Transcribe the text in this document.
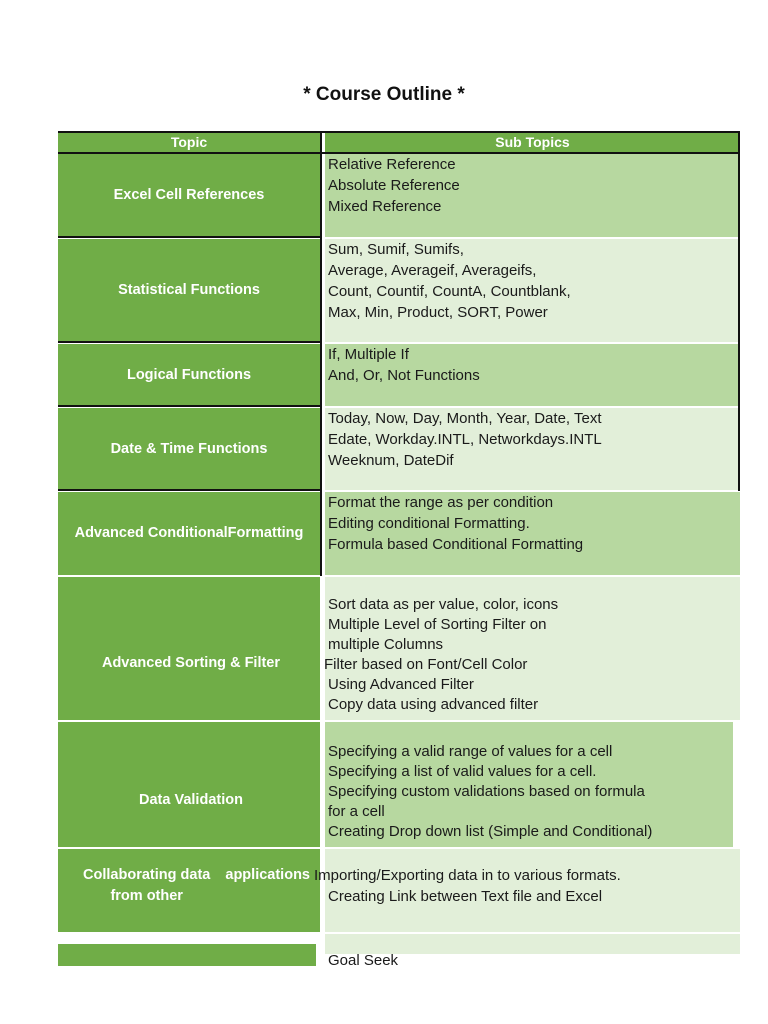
* Course Outline *
Topic	Sub Topics
Excel Cell References
Relative Reference
Absolute Reference
Mixed Reference
Statistical Functions
Sum, Sumif, Sumifs,
Average, Averageif, Averageifs,
Count, Countif, CountA, Countblank,
Max, Min, Product, SORT, Power
Logical Functions
If, Multiple If
And, Or, Not Functions
Date & Time Functions
Today, Now, Day, Month, Year, Date, Text
Edate, Workday.INTL, Networkdays.INTL
Weeknum, DateDif
Advanced Conditional Formatting
Format the range as per condition
Editing conditional Formatting.
Formula based Conditional Formatting
Advanced Sorting & Filter
Sort data as per value, color, icons
Multiple Level of Sorting Filter on
multiple Columns
Filter based on Font/Cell Color
Using Advanced Filter
Copy data using advanced filter
Data Validation
Specifying a valid range of values for a cell
Specifying a list of valid values for a cell.
Specifying custom validations based on formula
for a cell
Creating Drop down list (Simple and Conditional)
Collaborating data from other
applications Importing/Exporting data in to various formats.
Creating Link between Text file and Excel
Goal Seek
